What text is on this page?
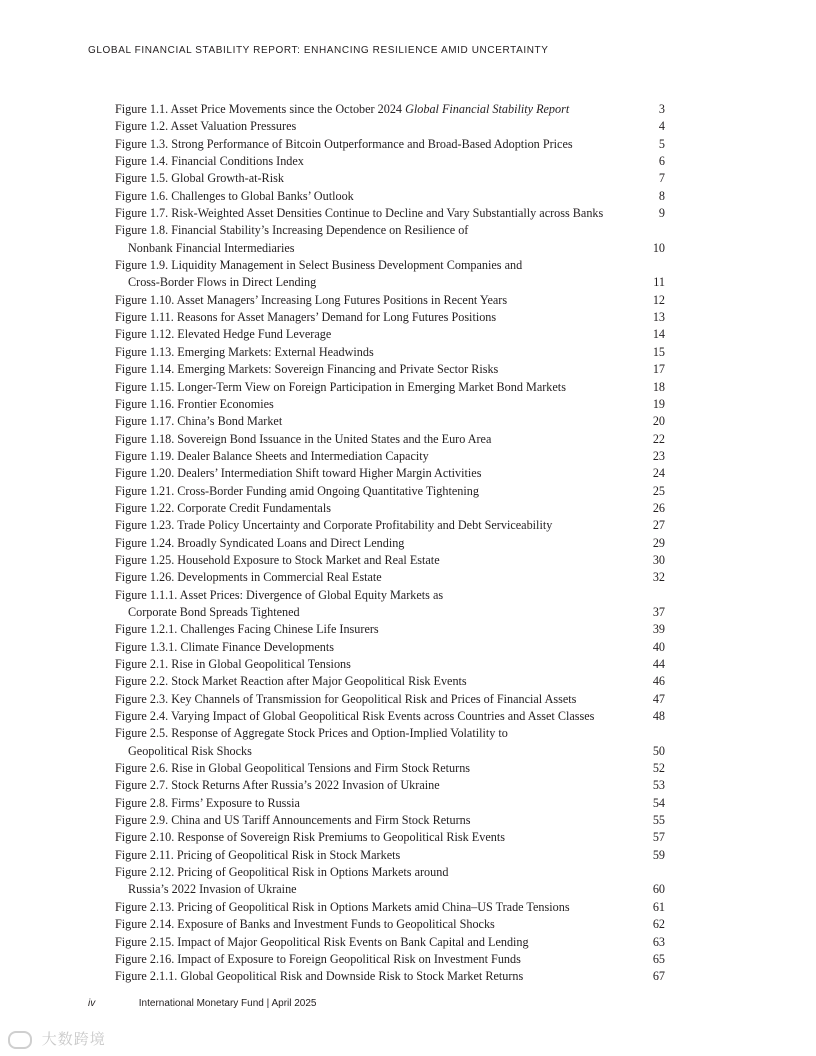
GLOBAL FINANCIAL STABILITY REPORT: ENHANCING RESILIENCE AMID UNCERTAINTY
Figure 1.1. Asset Price Movements since the October 2024 Global Financial Stability Report	3
Figure 1.2. Asset Valuation Pressures	4
Figure 1.3. Strong Performance of Bitcoin Outperformance and Broad-Based Adoption Prices	5
Figure 1.4. Financial Conditions Index	6
Figure 1.5. Global Growth-at-Risk	7
Figure 1.6. Challenges to Global Banks’ Outlook	8
Figure 1.7. Risk-Weighted Asset Densities Continue to Decline and Vary Substantially across Banks	9
Figure 1.8. Financial Stability’s Increasing Dependence on Resilience of
Nonbank Financial Intermediaries	10
Figure 1.9. Liquidity Management in Select Business Development Companies and
Cross-Border Flows in Direct Lending	11
Figure 1.10. Asset Managers’ Increasing Long Futures Positions in Recent Years	12
Figure 1.11. Reasons for Asset Managers’ Demand for Long Futures Positions	13
Figure 1.12. Elevated Hedge Fund Leverage	14
Figure 1.13. Emerging Markets: External Headwinds	15
Figure 1.14. Emerging Markets: Sovereign Financing and Private Sector Risks	17
Figure 1.15. Longer-Term View on Foreign Participation in Emerging Market Bond Markets	18
Figure 1.16. Frontier Economies	19
Figure 1.17. China’s Bond Market	20
Figure 1.18. Sovereign Bond Issuance in the United States and the Euro Area	22
Figure 1.19. Dealer Balance Sheets and Intermediation Capacity	23
Figure 1.20. Dealers’ Intermediation Shift toward Higher Margin Activities	24
Figure 1.21. Cross-Border Funding amid Ongoing Quantitative Tightening	25
Figure 1.22. Corporate Credit Fundamentals	26
Figure 1.23. Trade Policy Uncertainty and Corporate Profitability and Debt Serviceability	27
Figure 1.24. Broadly Syndicated Loans and Direct Lending	29
Figure 1.25. Household Exposure to Stock Market and Real Estate	30
Figure 1.26. Developments in Commercial Real Estate	32
Figure 1.1.1. Asset Prices: Divergence of Global Equity Markets as
Corporate Bond Spreads Tightened	37
Figure 1.2.1. Challenges Facing Chinese Life Insurers	39
Figure 1.3.1. Climate Finance Developments	40
Figure 2.1. Rise in Global Geopolitical Tensions	44
Figure 2.2. Stock Market Reaction after Major Geopolitical Risk Events	46
Figure 2.3. Key Channels of Transmission for Geopolitical Risk and Prices of Financial Assets	47
Figure 2.4. Varying Impact of Global Geopolitical Risk Events across Countries and Asset Classes	48
Figure 2.5. Response of Aggregate Stock Prices and Option-Implied Volatility to
Geopolitical Risk Shocks	50
Figure 2.6. Rise in Global Geopolitical Tensions and Firm Stock Returns	52
Figure 2.7. Stock Returns After Russia’s 2022 Invasion of Ukraine	53
Figure 2.8. Firms’ Exposure to Russia	54
Figure 2.9. China and US Tariff Announcements and Firm Stock Returns	55
Figure 2.10. Response of Sovereign Risk Premiums to Geopolitical Risk Events	57
Figure 2.11. Pricing of Geopolitical Risk in Stock Markets	59
Figure 2.12. Pricing of Geopolitical Risk in Options Markets around
Russia’s 2022 Invasion of Ukraine	60
Figure 2.13. Pricing of Geopolitical Risk in Options Markets amid China–US Trade Tensions	61
Figure 2.14. Exposure of Banks and Investment Funds to Geopolitical Shocks	62
Figure 2.15. Impact of Major Geopolitical Risk Events on Bank Capital and Lending	63
Figure 2.16. Impact of Exposure to Foreign Geopolitical Risk on Investment Funds	65
Figure 2.1.1. Global Geopolitical Risk and Downside Risk to Stock Market Returns	67
iv	International Monetary Fund | April 2025
大数跨境
